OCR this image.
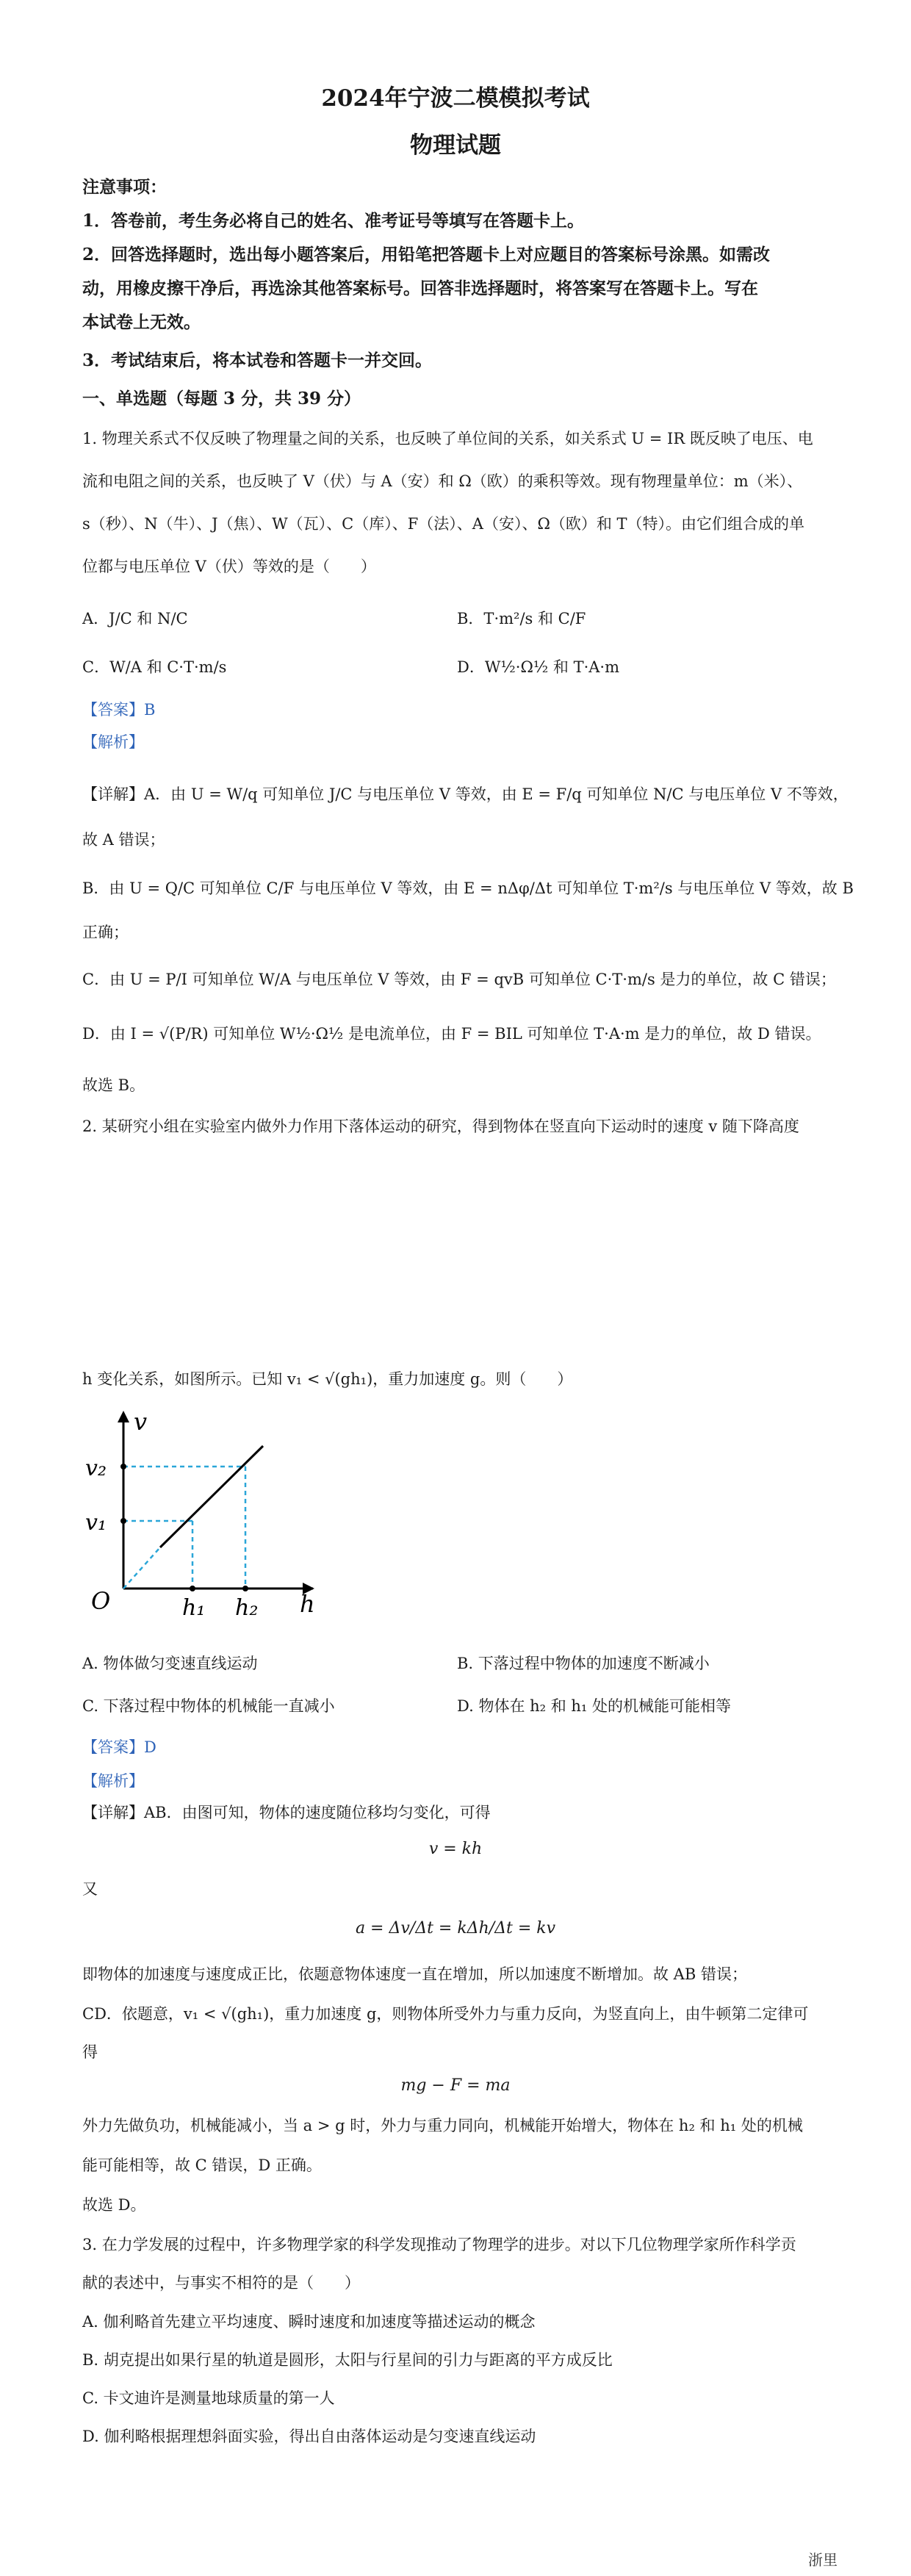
2024年宁波二模模拟考试
物理试题
注意事项：
1．答卷前，考生务必将自己的姓名、准考证号等填写在答题卡上。
2．回答选择题时，选出每小题答案后，用铅笔把答题卡上对应题目的答案标号涂黑。如需改
动，用橡皮擦干净后，再选涂其他答案标号。回答非选择题时，将答案写在答题卡上。写在
本试卷上无效。
3．考试结束后，将本试卷和答题卡一并交回。
一、单选题（每题 3 分，共 39 分）
1. 物理关系式不仅反映了物理量之间的关系，也反映了单位间的关系，如关系式 U = IR 既反映了电压、电
流和电阻之间的关系，也反映了 V（伏）与 A（安）和 Ω（欧）的乘积等效。现有物理量单位：m（米）、
s（秒）、N（牛）、J（焦）、W（瓦）、C（库）、F（法）、A（安）、Ω（欧）和 T（特）。由它们组合成的单
位都与电压单位 V（伏）等效的是（　　）
A．J/C 和 N/C	B．T·m²/s 和 C/F
C．W/A 和 C·T·m/s	D．W½·Ω½ 和 T·A·m
【答案】B
【解析】
【详解】A．由 U = W/q 可知单位 J/C 与电压单位 V 等效，由 E = F/q 可知单位 N/C 与电压单位 V 不等效，
故 A 错误；
B．由 U = Q/C 可知单位 C/F 与电压单位 V 等效，由 E = nΔφ/Δt 可知单位 T·m²/s 与电压单位 V 等效，故 B
正确；
C．由 U = P/I 可知单位 W/A 与电压单位 V 等效，由 F = qvB 可知单位 C·T·m/s 是力的单位，故 C 错误；
D．由 I = √(P/R) 可知单位 W½·Ω½ 是电流单位，由 F = BIL 可知单位 T·A·m 是力的单位，故 D 错误。
故选 B。
2. 某研究小组在实验室内做外力作用下落体运动的研究，得到物体在竖直向下运动时的速度 v 随下降高度
h 变化关系，如图所示。已知 v₁ < √(gh₁)，重力加速度 g。则（　　）
v
h
O
v₂
v₁
h₁ h₂
A. 物体做匀变速直线运动	B. 下落过程中物体的加速度不断减小
C. 下落过程中物体的机械能一直减小	D. 物体在 h₂ 和 h₁ 处的机械能可能相等
【答案】D
【解析】
【详解】AB．由图可知，物体的速度随位移均匀变化，可得
v = kh
又
a = Δv/Δt = kΔh/Δt = kv
即物体的加速度与速度成正比，依题意物体速度一直在增加，所以加速度不断增加。故 AB 错误；
CD．依题意，v₁ < √(gh₁)，重力加速度 g，则物体所受外力与重力反向，为竖直向上，由牛顿第二定律可
得
mg − F = ma
外力先做负功，机械能减小，当 a > g 时，外力与重力同向，机械能开始增大，物体在 h₂ 和 h₁ 处的机械
能可能相等，故 C 错误，D 正确。
故选 D。
3. 在力学发展的过程中，许多物理学家的科学发现推动了物理学的进步。对以下几位物理学家所作科学贡
献的表述中，与事实不相符的是（　　）
A. 伽利略首先建立平均速度、瞬时速度和加速度等描述运动的概念
B. 胡克提出如果行星的轨道是圆形，太阳与行星间的引力与距离的平方成反比
C. 卡文迪许是测量地球质量的第一人
D. 伽利略根据理想斜面实验，得出自由落体运动是匀变速直线运动
浙里
